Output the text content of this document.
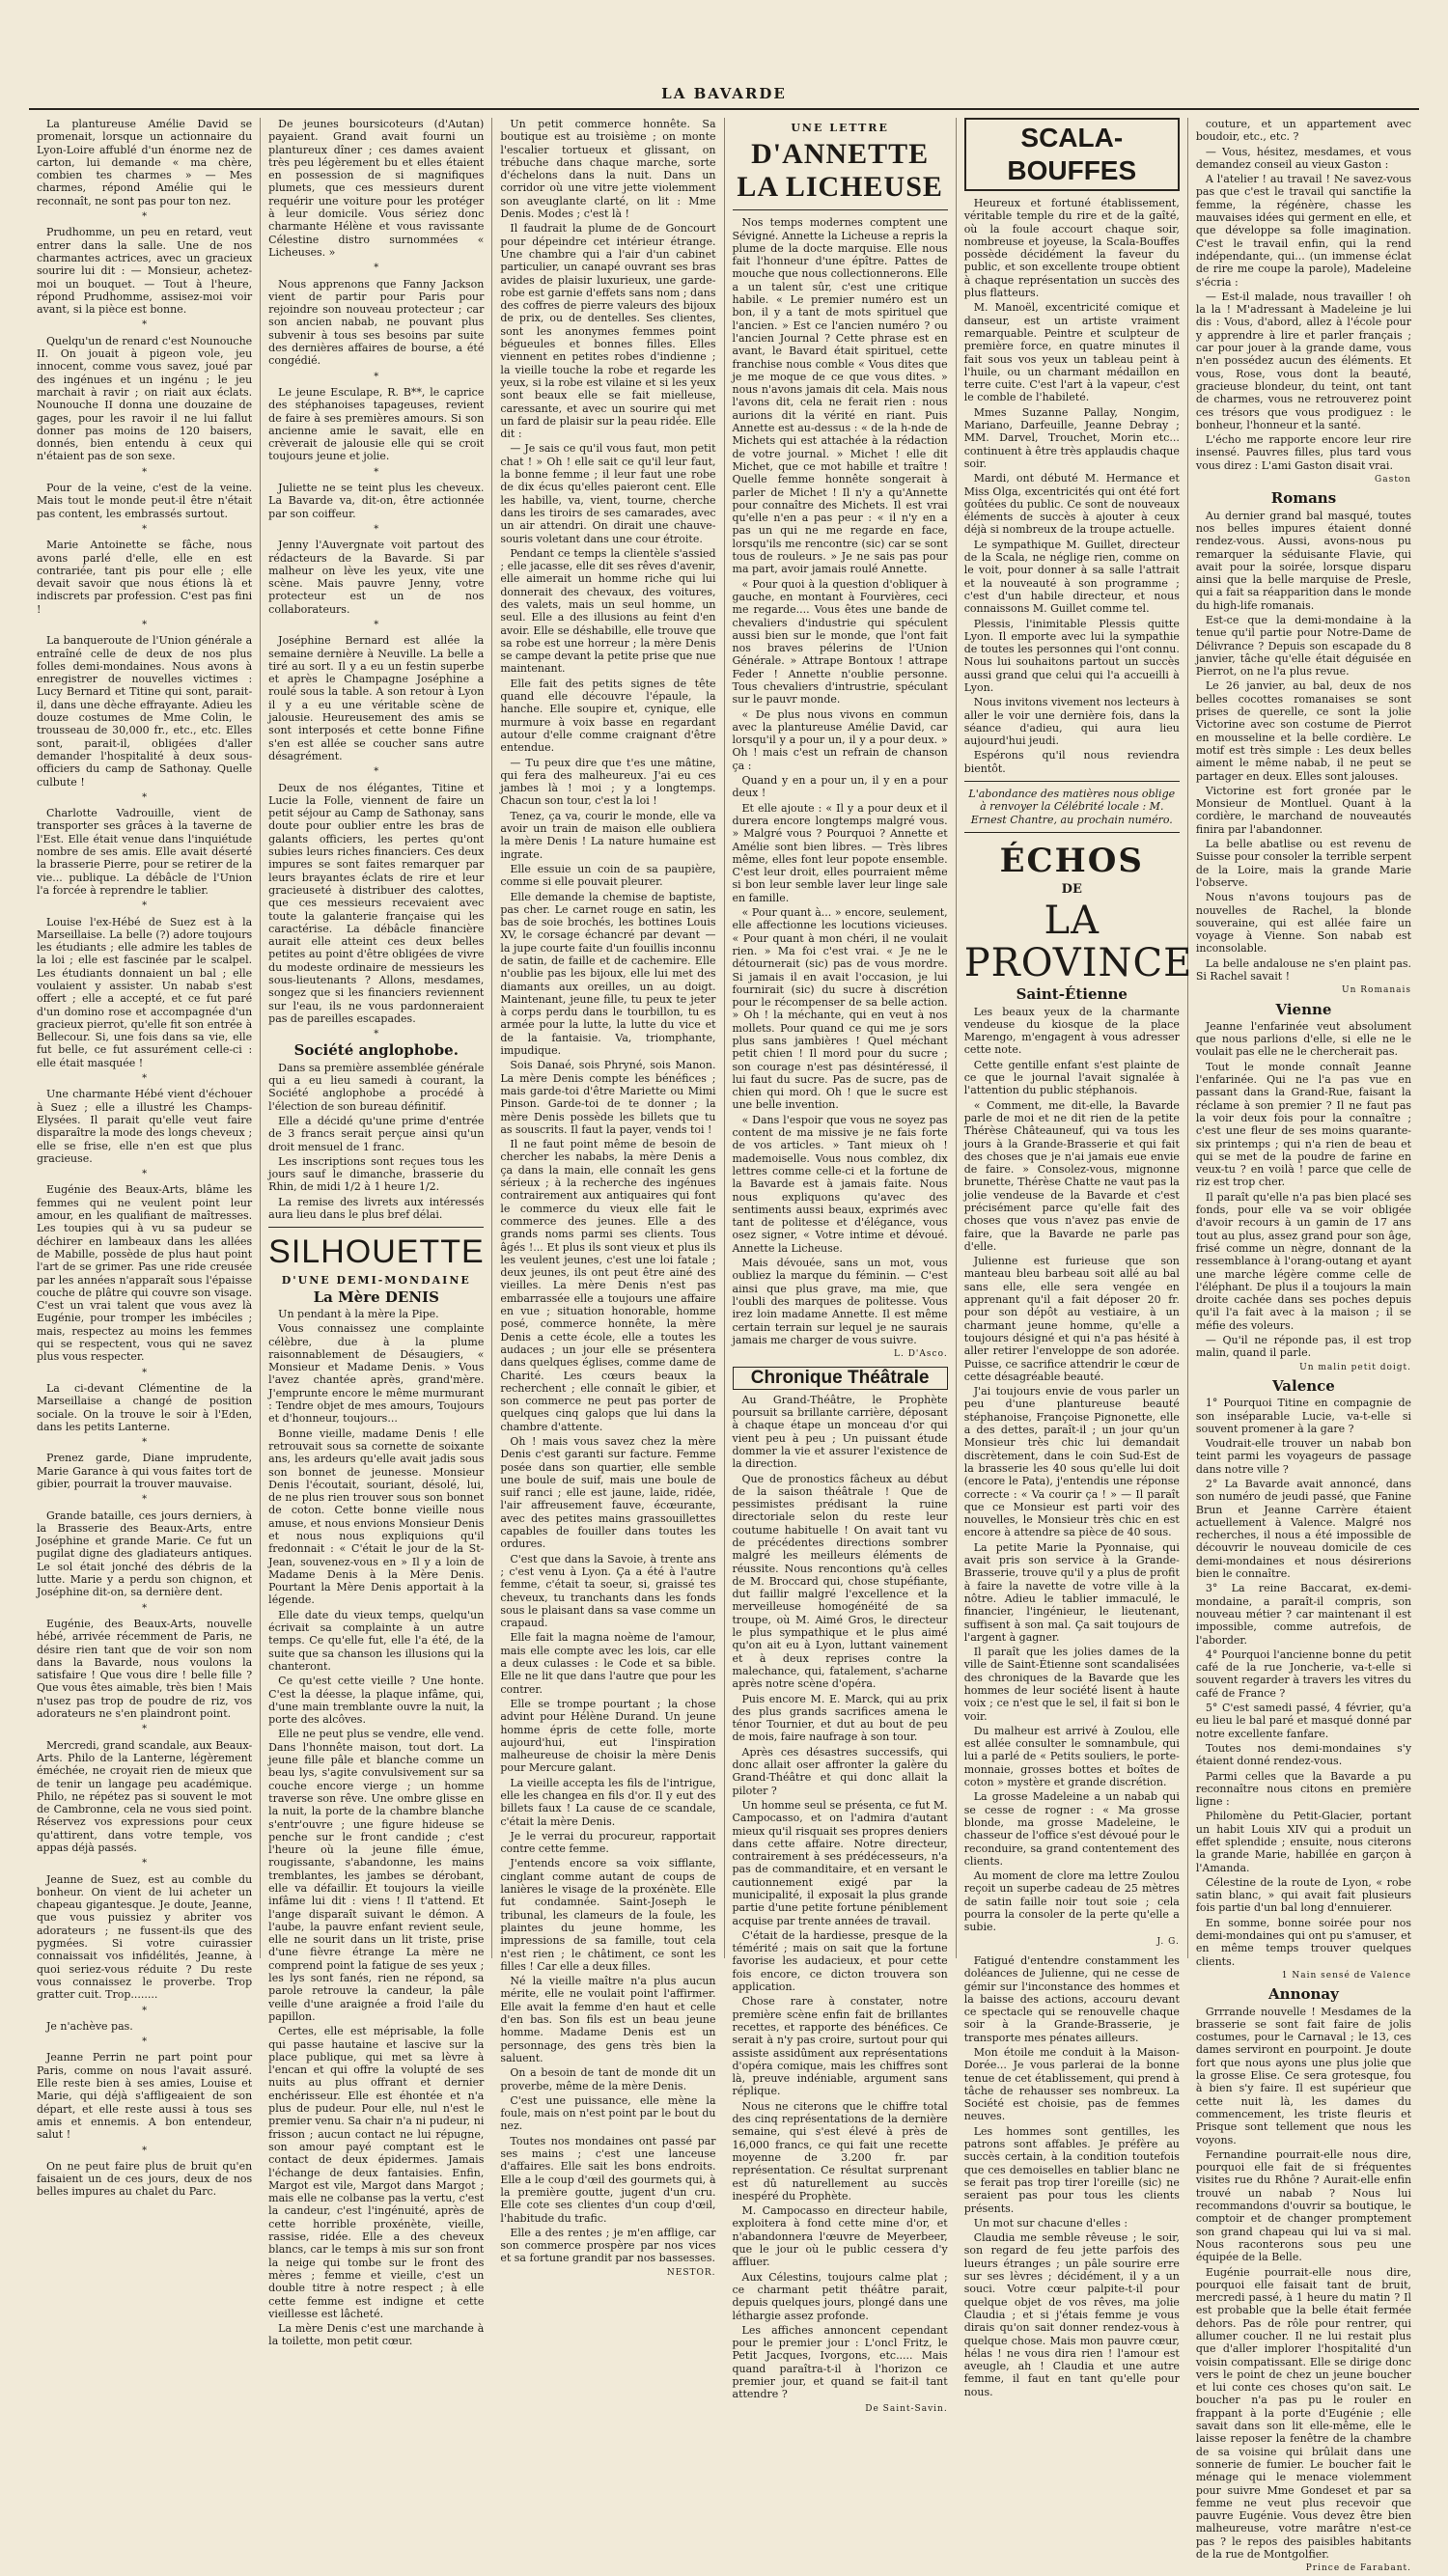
LA BAVARDE

La plantureuse Amélie David se promenait, lorsque un actionnaire du Lyon-Loire affublé d'un énorme nez de carton, lui demande « ma chère, combien tes charmes » — Mes charmes, répond Amélie qui le reconnaît, ne sont pas pour ton nez.

*

Prudhomme, un peu en retard, veut entrer dans la salle. Une de nos charmantes actrices, avec un gracieux sourire lui dit : — Monsieur, achetez-moi un bouquet. — Tout à l'heure, répond Prudhomme, assisez-moi voir avant, si la pièce est bonne.

*

Quelqu'un de renard c'est Nounouche II. On jouait à pigeon vole, jeu innocent, comme vous savez, joué par des ingénues et un ingénu ; le jeu marchait à ravir ; on riait aux éclats. Nounouche II donna une douzaine de gages, pour les ravoir il ne lui fallut donner pas moins de 120 baisers, donnés, bien entendu à ceux qui n'étaient pas de son sexe.

*

Pour de la veine, c'est de la veine. Mais tout le monde peut-il être n'était pas content, les embrassés surtout.

*

Marie Antoinette se fâche, nous avons parlé d'elle, elle en est contrariée, tant pis pour elle ; elle devait savoir que nous étions là et indiscrets par profession. C'est pas fini !

*

La banqueroute de l'Union générale a entraîné celle de deux de nos plus folles demi-mondaines. Nous avons à enregistrer de nouvelles victimes : Lucy Bernard et Titine qui sont, parait-il, dans une dèche effrayante. Adieu les douze costumes de Mme Colin, le trousseau de 30,000 fr., etc., etc. Elles sont, parait-il, obligées d'aller demander l'hospitalité à deux sous-officiers du camp de Sathonay. Quelle culbute !

*

Charlotte Vadrouille, vient de transporter ses grâces à la taverne de l'Est. Elle était venue dans l'inquiétude nombre de ses amis. Elle avait déserté la brasserie Pierre, pour se retirer de la vie... publique. La débâcle de l'Union l'a forcée à reprendre le tablier.

*

Louise l'ex-Hébé de Suez est à la Marseillaise. La belle (?) adore toujours les étudiants ; elle admire les tables de la loi ; elle est fascinée par le scalpel. Les étudiants donnaient un bal ; elle voulaient y assister. Un nabab s'est offert ; elle a accepté, et ce fut paré d'un domino rose et accompagnée d'un gracieux pierrot, qu'elle fit son entrée à Bellecour. Si, une fois dans sa vie, elle fut belle, ce fut assurément celle-ci : elle était masquée !

*

Une charmante Hébé vient d'échouer à Suez ; elle a illustré les Champs-Elysées. Il parait qu'elle veut faire disparaître la mode des longs cheveux ; elle se frise, elle n'en est que plus gracieuse.

*

Eugénie des Beaux-Arts, blâme les femmes qui ne veulent point leur amour, en les qualifiant de maîtresses. Les toupies qui à vu sa pudeur se déchirer en lambeaux dans les allées de Mabille, possède de plus haut point l'art de se grimer. Pas une ride creusée par les années n'apparaît sous l'épaisse couche de plâtre qui couvre son visage. C'est un vrai talent que vous avez là Eugénie, pour tromper les imbéciles ; mais, respectez au moins les femmes qui se respectent, vous qui ne savez plus vous respecter.

*

La ci-devant Clémentine de la Marseillaise a changé de position sociale. On la trouve le soir à l'Eden, dans les petits Lanterne.

*

Prenez garde, Diane imprudente, Marie Garance à qui vous faites tort de gibier, pourrait la trouver mauvaise.

*

Grande bataille, ces jours derniers, à la Brasserie des Beaux-Arts, entre Joséphine et grande Marie. Ce fut un pugilat digne des gladiateurs antiques. Le sol était jonché des débris de la lutte. Marie y a perdu son chignon, et Joséphine dit-on, sa dernière dent.

*

Eugénie, des Beaux-Arts, nouvelle hébé, arrivée récemment de Paris, ne désire rien tant que de voir son nom dans la Bavarde, nous voulons la satisfaire ! Que vous dire ! belle fille ? Que vous êtes aimable, très bien ! Mais n'usez pas trop de poudre de riz, vos adorateurs ne s'en plaindront point.

*

Mercredi, grand scandale, aux Beaux-Arts. Philo de la Lanterne, légèrement éméchée, ne croyait rien de mieux que de tenir un langage peu académique. Philo, ne répétez pas si souvent le mot de Cambronne, cela ne vous sied point. Réservez vos expressions pour ceux qu'attirent, dans votre temple, vos appas déjà passés.

*

Jeanne de Suez, est au comble du bonheur. On vient de lui acheter un chapeau gigantesque. Je doute, Jeanne, que vous puissiez y abriter vos adorateurs ; ne fussent-ils que des pygmées. Si votre cuirassier connaissait vos infidélités, Jeanne, à quoi seriez-vous réduite ? Du reste vous connaissez le proverbe. Trop gratter cuit. Trop........

*

Je n'achève pas.

*

Jeanne Perrin ne part point pour Paris, comme on nous l'avait assuré. Elle reste bien à ses amies, Louise et Marie, qui déjà s'affligeaient de son départ, et elle reste aussi à tous ses amis et ennemis. A bon entendeur, salut !

*

On ne peut faire plus de bruit qu'en faisaient un de ces jours, deux de nos belles impures au chalet du Parc.

De jeunes boursicoteurs (d'Autan) payaient. Grand avait fourni un plantureux dîner ; ces dames avaient très peu légèrement bu et elles étaient en possession de si magnifiques plumets, que ces messieurs durent requérir une voiture pour les protéger à leur domicile. Vous sériez donc charmante Hélène et vous ravissante Célestine distro surnommées « Licheuses. »

*

Nous apprenons que Fanny Jackson vient de partir pour Paris pour rejoindre son nouveau protecteur ; car son ancien nabab, ne pouvant plus subvenir à tous ses besoins par suite des dernières affaires de bourse, a été congédié.

*

Le jeune Esculape, R. B**, le caprice des stéphanoises tapageuses, revient de faire à ses premières amours. Si son ancienne amie le savait, elle en crèverait de jalousie elle qui se croit toujours jeune et jolie.

*

Juliette ne se teint plus les cheveux. La Bavarde va, dit-on, être actionnée par son coiffeur.

*

Jenny l'Auvergnate voit partout des rédacteurs de la Bavarde. Si par malheur on lève les yeux, vite une scène. Mais pauvre Jenny, votre protecteur est un de nos collaborateurs.

*

Joséphine Bernard est allée la semaine dernière à Neuville. La belle a tiré au sort. Il y a eu un festin superbe et après le Champagne Joséphine a roulé sous la table. A son retour à Lyon il y a eu une véritable scène de jalousie. Heureusement des amis se sont interposés et cette bonne Fifine s'en est allée se coucher sans autre désagrément.

*

Deux de nos élégantes, Titine et Lucie la Folle, viennent de faire un petit séjour au Camp de Sathonay, sans doute pour oublier entre les bras de galants officiers, les pertes qu'ont subies leurs riches financiers. Ces deux impures se sont faites remarquer par leurs brayantes éclats de rire et leur gracieuseté à distribuer des calottes, que ces messieurs recevaient avec toute la galanterie française qui les caractérise. La débâcle financière aurait elle atteint ces deux belles petites au point d'être obligées de vivre du modeste ordinaire de messieurs les sous-lieutenants ? Allons, mesdames, songez que si les financiers reviennent sur l'eau, ils ne vous pardonneraient pas de pareilles escapades.

*
Société anglophobe.

Dans sa première assemblée générale qui a eu lieu samedi à courant, la Société anglophobe a procédé à l'élection de son bureau définitif.

Elle a décidé qu'une prime d'entrée de 3 francs serait perçue ainsi qu'un droit mensuel de 1 franc.

Les inscriptions sont reçues tous les jours sauf le dimanche, brasserie du Rhin, de midi 1/2 à 1 heure 1/2.

La remise des livrets aux intéressés aura lieu dans le plus bref délai.

SILHOUETTE
D'UNE DEMI-MONDAINE
La Mère DENIS

Un pendant à la mère la Pipe.

Vous connaissez une complainte célèbre, due à la plume raisonnablement de Désaugiers, « Monsieur et Madame Denis. » Vous l'avez chantée après, grand'mère. J'emprunte encore le même murmurant : Tendre objet de mes amours, Toujours et d'honneur, toujours...

Bonne vieille, madame Denis ! elle retrouvait sous sa cornette de soixante ans, les ardeurs qu'elle avait jadis sous son bonnet de jeunesse. Monsieur Denis l'écoutait, souriant, désolé, lui, de ne plus rien trouver sous son bonnet de coton. Cette bonne vieille nous amuse, et nous envions Monsieur Denis et nous nous expliquions qu'il fredonnait : « C'était le jour de la St-Jean, souvenez-vous en » Il y a loin de Madame Denis à la Mère Denis. Pourtant la Mère Denis apportait à la légende.

Elle date du vieux temps, quelqu'un écrivait sa complainte à un autre temps. Ce qu'elle fut, elle l'a été, de la suite que sa chanson les illusions qui la chanteront.

Ce qu'est cette vieille ? Une honte. C'est la déesse, la plaque infâme, qui, d'une main tremblante ouvre la nuit, la porte des alcôves.

Elle ne peut plus se vendre, elle vend. Dans l'honnête maison, tout dort. La jeune fille pâle et blanche comme un beau lys, s'agite convulsivement sur sa couche encore vierge ; un homme traverse son rêve. Une ombre glisse en la nuit, la porte de la chambre blanche s'entr'ouvre ; une figure hideuse se penche sur le front candide ; c'est l'heure où la jeune fille émue, rougissante, s'abandonne, les mains tremblantes, les jambes se dérobant, elle va défaillir. Et toujours la vieille infâme lui dit : viens ! Il t'attend. Et l'ange disparaît suivant le démon. A l'aube, la pauvre enfant revient seule, elle ne sourit dans un lit triste, prise d'une fièvre étrange La mère ne comprend point la fatigue de ses yeux ; les lys sont fanés, rien ne répond, sa parole retrouve la candeur, la pâle veille d'une araignée a froid l'aile du papillon.

Certes, elle est méprisable, la folle qui passe hautaine et lascive sur la place publique, qui met sa lèvre à l'encan et qui offre la volupté de ses nuits au plus offrant et dernier enchérisseur. Elle est éhontée et n'a plus de pudeur. Pour elle, nul n'est le premier venu. Sa chair n'a ni pudeur, ni frisson ; aucun contact ne lui répugne, son amour payé comptant est le contact de deux épidermes. Jamais l'échange de deux fantaisies. Enfin, Margot est vile, Margot dans Margot ; mais elle ne colbanse pas la vertu, c'est la candeur, c'est l'ingénuité, après de cette horrible proxénète, vieille, rassise, ridée. Elle a des cheveux blancs, car le temps à mis sur son front la neige qui tombe sur le front des mères ; femme et vieille, c'est un double titre à notre respect ; à elle cette femme est indigne et cette vieillesse est lâcheté.

La mère Denis c'est une marchande à la toilette, mon petit cœur.

Un petit commerce honnête. Sa boutique est au troisième ; on monte l'escalier tortueux et glissant, on trébuche dans chaque marche, sorte d'échelons dans la nuit. Dans un corridor où une vitre jette violemment son aveuglante clarté, on lit : Mme Denis. Modes ; c'est là !

Il faudrait la plume de de Goncourt pour dépeindre cet intérieur étrange. Une chambre qui a l'air d'un cabinet particulier, un canapé ouvrant ses bras avides de plaisir luxurieux, une garde-robe est garnie d'effets sans nom ; dans des coffres de pierre valeurs des bijoux de prix, ou de dentelles. Ses clientes, sont les anonymes femmes point bégueules et bonnes filles. Elles viennent en petites robes d'indienne ; la vieille touche la robe et regarde les yeux, si la robe est vilaine et si les yeux sont beaux elle se fait mielleuse, caressante, et avec un sourire qui met un fard de plaisir sur la peau ridée. Elle dit :

— Je sais ce qu'il vous faut, mon petit chat ! » Oh ! elle sait ce qu'il leur faut, la bonne femme ; il leur faut une robe de dix écus qu'elles paieront cent. Elle les habille, va, vient, tourne, cherche dans les tiroirs de ses camarades, avec un air attendri. On dirait une chauve-souris voletant dans une cour étroite.

Pendant ce temps la clientèle s'assied ; elle jacasse, elle dit ses rêves d'avenir, elle aimerait un homme riche qui lui donnerait des chevaux, des voitures, des valets, mais un seul homme, un seul. Elle a des illusions au feint d'en avoir. Elle se déshabille, elle trouve que sa robe est une horreur ; la mère Denis se campe devant la petite prise que nue maintenant.

Elle fait des petits signes de tête quand elle découvre l'épaule, la hanche. Elle soupire et, cynique, elle murmure à voix basse en regardant autour d'elle comme craignant d'être entendue.

— Tu peux dire que t'es une mâtine, qui fera des malheureux. J'ai eu ces jambes là ! moi ; y a longtemps. Chacun son tour, c'est la loi !

Tenez, ça va, courir le monde, elle va avoir un train de maison elle oubliera la mère Denis ! La nature humaine est ingrate.

Elle essuie un coin de sa paupière, comme si elle pouvait pleurer.

Elle demande la chemise de baptiste, pas cher. Le carnet rouge en satin, les bas de soie brochés, les bottines Louis XV, le corsage échancré par devant — la jupe courte faite d'un fouillis inconnu de satin, de faille et de cachemire. Elle n'oublie pas les bijoux, elle lui met des diamants aux oreilles, un au doigt. Maintenant, jeune fille, tu peux te jeter à corps perdu dans le tourbillon, tu es armée pour la lutte, la lutte du vice et de la fantaisie. Va, triomphante, impudique.

Sois Danaé, sois Phryné, sois Manon. La mère Denis compte les bénéfices ; mais garde-toi d'être Mariette ou Mimi Pinson. Garde-toi de te donner ; la mère Denis possède les billets que tu as souscrits. Il faut la payer, vends toi !

Il ne faut point même de besoin de chercher les nababs, la mère Denis a ça dans la main, elle connaît les gens sérieux ; à la recherche des ingénues contrairement aux antiquaires qui font le commerce du vieux elle fait le commerce des jeunes. Elle a des grands noms parmi ses clients. Tous âgés !... Et plus ils sont vieux et plus ils les veulent jeunes, c'est une loi fatale ; deux jeunes, ils ont peut être ainé des vieilles. La mère Denis n'est pas embarrassée elle a toujours une affaire en vue ; situation honorable, homme posé, commerce honnête, la mère Denis a cette école, elle a toutes les audaces ; un jour elle se présentera dans quelques églises, comme dame de Charité. Les cœurs beaux la recherchent ; elle connaît le gibier, et son commerce ne peut pas porter de quelques cinq galops que lui dans la chambre d'attente.

Oh ! mais vous savez chez la mère Denis c'est garanti sur facture. Femme posée dans son quartier, elle semble une boule de suif, mais une boule de suif ranci ; elle est jaune, laide, ridée, l'air affreusement fauve, écœurante, avec des petites mains grassouillettes capables de fouiller dans toutes les ordures.

C'est que dans la Savoie, à trente ans ; c'est venu à Lyon. Ça a été à l'autre femme, c'était ta soeur, si, graissé tes cheveux, tu tranchants dans les fonds sous le plaisant dans sa vase comme un crapaud.

Elle fait la magna noème de l'amour, mais elle compte avec les lois, car elle a deux culasses : le Code et sa bible. Elle ne lit que dans l'autre que pour les contrer.

Elle se trompe pourtant ; la chose advint pour Hélène Durand. Un jeune homme épris de cette folle, morte aujourd'hui, eut l'inspiration malheureuse de choisir la mère Denis pour Mercure galant.

La vieille accepta les fils de l'intrigue, elle les changea en fils d'or. Il y eut des billets faux ! La cause de ce scandale, c'était la mère Denis.

Je le verrai du procureur, rapportait contre cette femme.

J'entends encore sa voix sifflante, cinglant comme autant de coups de lanières le visage de la proxénète. Elle fut condamnée. Saint-Joseph le tribunal, les clameurs de la foule, les plaintes du jeune homme, les impressions de sa famille, tout cela n'est rien ; le châtiment, ce sont les filles ! Car elle a deux filles.

Né la vieille maître n'a plus aucun mérite, elle ne voulait point l'affirmer. Elle avait la femme d'en haut et celle d'en bas. Son fils est un beau jeune homme. Madame Denis est un personnage, des gens très bien la saluent.

On a besoin de tant de monde dit un proverbe, même de la mère Denis.

C'est une puissance, elle mène la foule, mais on n'est point par le bout du nez.

Toutes nos mondaines ont passé par ses mains ; c'est une lanceuse d'affaires. Elle sait les bons endroits. Elle a le coup d'œil des gourmets qui, à la première goutte, jugent d'un cru. Elle cote ses clientes d'un coup d'œil, l'habitude du trafic.

Elle a des rentes ; je m'en afflige, car son commerce prospère par nos vices et sa fortune grandit par nos bassesses.

NESTOR.
UNE LETTRE
D'ANNETTE LA LICHEUSE

Nos temps modernes comptent une Sévigné. Annette la Licheuse a repris la plume de la docte marquise. Elle nous fait l'honneur d'une épître. Pattes de mouche que nous collectionnerons. Elle a un talent sûr, c'est une critique habile. « Le premier numéro est un bon, il y a tant de mots spirituel que l'ancien. » Est ce l'ancien numéro ? ou l'ancien Journal ? Cette phrase est en avant, le Bavard était spirituel, cette franchise nous comble « Vous dites que je me moque de ce que vous dites. » nous n'avons jamais dit cela. Mais nous l'avons dit, cela ne ferait rien : nous aurions dit la vérité en riant. Puis Annette est au-dessus : « de la h-nde de Michets qui est attachée à la rédaction de votre journal. » Michet ! elle dit Michet, que ce mot habille et traître ! Quelle femme honnête songerait à parler de Michet ! Il n'y a qu'Annette pour connaître des Michets. Il est vrai qu'elle n'en a pas peur : « il n'y en a pas un qui ne me regarde en face, lorsqu'ils me rencontre (sic) car se sont tous de rouleurs. » Je ne sais pas pour ma part, avoir jamais roulé Annette.

« Pour quoi à la question d'obliquer à gauche, en montant à Fourvières, ceci me regarde.... Vous êtes une bande de chevaliers d'industrie qui spéculent aussi bien sur le monde, que l'ont fait nos braves pélerins de l'Union Générale. » Attrape Bontoux ! attrape Feder ! Annette n'oublie personne. Tous chevaliers d'intrustrie, spéculant sur le pauvr monde.

« De plus nous vivons en commun avec la plantureuse Amélie David, car lorsqu'il y a pour un, il y a pour deux. » Oh ! mais c'est un refrain de chanson ça :

Quand y en a pour un, il y en a pour deux !

Et elle ajoute : « Il y a pour deux et il durera encore longtemps malgré vous. » Malgré vous ? Pourquoi ? Annette et Amélie sont bien libres. — Très libres même, elles font leur popote ensemble. C'est leur droit, elles pourraient même si bon leur semble laver leur linge sale en famille.

« Pour quant à... » encore, seulement, elle affectionne les locutions vicieuses. « Pour quant à mon chéri, il ne voulait rien. » Ma foi c'est vrai. « Je ne le détournerait (sic) pas de vous mordre. Si jamais il en avait l'occasion, je lui fournirait (sic) du sucre à discrétion pour le récompenser de sa belle action. » Oh ! la méchante, qui en veut à nos mollets. Pour quand ce qui me je sors plus sans jambières ! Quel méchant petit chien ! Il mord pour du sucre ; son courage n'est pas désintéressé, il lui faut du sucre. Pas de sucre, pas de chien qui mord. Oh ! que le sucre est une belle invention.

« Dans l'espoir que vous ne soyez pas content de ma missive je ne fais forte de vos articles. » Tant mieux oh ! mademoiselle. Vous nous comblez, dix lettres comme celle-ci et la fortune de la Bavarde est à jamais faite. Nous nous expliquons qu'avec des sentiments aussi beaux, exprimés avec tant de politesse et d'élégance, vous osez signer, « Votre intime et dévoué. Annette la Licheuse.

Mais dévouée, sans un mot, vous oubliez la marque du féminin. — C'est ainsi que plus grave, ma mie, que l'oubli des marques de politesse. Vous irez loin madame Annette. Il est même certain terrain sur lequel je ne saurais jamais me charger de vous suivre.

L. D'Asco.
Chronique Théâtrale

Au Grand-Théâtre, le Prophète poursuit sa brillante carrière, déposant à chaque étape un monceau d'or qui vient peu à peu ; Un puissant étude dommer la vie et assurer l'existence de la direction.

Que de pronostics fâcheux au début de la saison théâtrale ! Que de pessimistes prédisant la ruine directoriale selon du reste leur coutume habituelle ! On avait tant vu de précédentes directions sombrer malgré les meilleurs éléments de réussite. Nous rencontions qu'à celles de M. Broccard qui, chose stupéfiante, dut faillir malgré l'excellence et la merveilleuse homogénéité de sa troupe, où M. Aimé Gros, le directeur le plus sympathique et le plus aimé qu'on ait eu à Lyon, luttant vainement et à deux reprises contre la malechance, qui, fatalement, s'acharne après notre scène d'opéra.

Puis encore M. E. Marck, qui au prix des plus grands sacrifices amena le ténor Tournier, et dut au bout de peu de mois, faire naufrage à son tour.

Après ces désastres successifs, qui donc allait oser affronter la galère du Grand-Théâtre et qui donc allait la piloter ?

Un homme seul se présenta, ce fut M. Campocasso, et on l'admira d'autant mieux qu'il risquait ses propres deniers dans cette affaire. Notre directeur, contrairement à ses prédécesseurs, n'a pas de commanditaire, et en versant le cautionnement exigé par la municipalité, il exposait la plus grande partie d'une petite fortune péniblement acquise par trente années de travail.

C'était de la hardiesse, presque de la témérité ; mais on sait que la fortune favorise les audacieux, et pour cette fois encore, ce dicton trouvera son application.

Chose rare à constater, notre première scène enfin fait de brillantes recettes, et rapporte des bénéfices. Ce serait à n'y pas croire, surtout pour qui assiste assidûment aux représentations d'opéra comique, mais les chiffres sont là, preuve indéniable, argument sans réplique.

Nous ne citerons que le chiffre total des cinq représentations de la dernière semaine, qui s'est élevé à près de 16,000 francs, ce qui fait une recette moyenne de 3.200 fr. par représentation. Ce résultat surprenant est dû naturellement au succès inespéré du Prophète.

M. Campocasso en directeur habile, exploitera à fond cette mine d'or, et n'abandonnera l'œuvre de Meyerbeer, que le jour où le public cessera d'y affluer.

Aux Célestins, toujours calme plat ; ce charmant petit théâtre parait, depuis quelques jours, plongé dans une léthargie assez profonde.

Les affiches annoncent cependant pour le premier jour : L'oncl Fritz, le Petit Jacques, Ivorgons, etc..... Mais quand paraîtra-t-il à l'horizon ce premier jour, et quand se fait-il tant attendre ?

De Saint-Savin.
SCALA-BOUFFES

Heureux et fortuné établissement, véritable temple du rire et de la gaîté, où la foule accourt chaque soir, nombreuse et joyeuse, la Scala-Bouffes possède décidément la faveur du public, et son excellente troupe obtient à chaque représentation un succès des plus flatteurs.

M. Manoël, excentricité comique et danseur, est un artiste vraiment remarquable. Peintre et sculpteur de première force, en quatre minutes il fait sous vos yeux un tableau peint à l'huile, ou un charmant médaillon en terre cuite. C'est l'art à la vapeur, c'est le comble de l'habileté.

Mmes Suzanne Pallay, Nongim, Mariano, Darfeuille, Jeanne Debray ; MM. Darvel, Trouchet, Morin etc... continuent à être très applaudis chaque soir.

Mardi, ont débuté M. Hermance et Miss Olga, excentricités qui ont été fort goûtées du public. Ce sont de nouveaux éléments de succès à ajouter à ceux déjà si nombreux de la troupe actuelle.

Le sympathique M. Guillet, directeur de la Scala, ne néglige rien, comme on le voit, pour donner à sa salle l'attrait et la nouveauté à son programme ; c'est d'un habile directeur, et nous connaissons M. Guillet comme tel.

Plessis, l'inimitable Plessis quitte Lyon. Il emporte avec lui la sympathie de toutes les personnes qui l'ont connu. Nous lui souhaitons partout un succès aussi grand que celui qui l'a accueilli à Lyon.

Nous invitons vivement nos lecteurs à aller le voir une dernière fois, dans la séance d'adieu, qui aura lieu aujourd'hui jeudi.

Espérons qu'il nous reviendra bientôt.

L'abondance des matières nous oblige à renvoyer la Célébrité locale : M. Ernest Chantre, au prochain numéro.
ÉCHOS
DE
LA PROVINCE
Saint-Étienne

Les beaux yeux de la charmante vendeuse du kiosque de la place Marengo, m'engagent à vous adresser cette note.

Cette gentille enfant s'est plainte de ce que le journal l'avait signalée à l'attention du public stéphanois.

« Comment, me dit-elle, la Bavarde parle de moi et ne dit rien de la petite Thérèse Châteauneuf, qui va tous les jours à la Grande-Brasserie et qui fait des choses que je n'ai jamais eue envie de faire. » Consolez-vous, mignonne brunette, Thérèse Chatte ne vaut pas la jolie vendeuse de la Bavarde et c'est précisément parce qu'elle fait des choses que vous n'avez pas envie de faire, que la Bavarde ne parle pas d'elle.

Julienne est furieuse que son manteau bleu barbeau soit allé au bal sans elle, elle sera vengée en apprenant qu'il a fait déposer 20 fr. pour son dépôt au vestiaire, à un charmant jeune homme, qu'elle a toujours désigné et qui n'a pas hésité à aller retirer l'enveloppe de son adorée. Puisse, ce sacrifice attendrir le cœur de cette désagréable beauté.

J'ai toujours envie de vous parler un peu d'une plantureuse beauté stéphanoise, Françoise Pignonette, elle a des dettes, paraît-il ; un jour qu'un Monsieur très chic lui demandait discrètement, dans le coin Sud-Est de la brasserie les 40 sous qu'elle lui doit (encore le Pata), j'entendis une réponse correcte : « Va courir ça ! » — Il paraît que ce Monsieur est parti voir des nouvelles, le Monsieur très chic en est encore à attendre sa pièce de 40 sous.

La petite Marie la Pyonnaise, qui avait pris son service à la Grande-Brasserie, trouve qu'il y a plus de profit à faire la navette de votre ville à la nôtre. Adieu le tablier immaculé, le financier, l'ingénieur, le lieutenant, suffisent à son mal. Ça sait toujours de l'argent à gagner.

Il paraît que les jolies dames de la ville de Saint-Étienne sont scandalisées des chroniques de la Bavarde que les hommes de leur société lisent à haute voix ; ce n'est que le sel, il fait si bon le voir.

Du malheur est arrivé à Zoulou, elle est allée consulter le somnambule, qui lui a parlé de « Petits souliers, le porte-monnaie, grosses bottes et boîtes de coton » mystère et grande discrétion.

La grosse Madeleine a un nabab qui se cesse de rogner : « Ma grosse blonde, ma grosse Madeleine, le chasseur de l'office s'est dévoué pour le reconduire, sa grand contentement des clients.

Au moment de clore ma lettre Zoulou reçoit un superbe cadeau de 25 mètres de satin faille noir tout soie ; cela pourra la consoler de la perte qu'elle a subie.

J. G.

Fatigué d'entendre constamment les doléances de Julienne, qui ne cesse de gémir sur l'inconstance des hommes et la baisse des actions, accouru devant ce spectacle qui se renouvelle chaque soir à la Grande-Brasserie, je transporte mes pénates ailleurs.

Mon étoile me conduit à la Maison-Dorée... Je vous parlerai de la bonne tenue de cet établissement, qui prend à tâche de rehausser ses nombreux. La Société est choisie, pas de femmes neuves.

Les hommes sont gentilles, les patrons sont affables. Je préfère au succès certain, à la condition toutefois que ces demoiselles en tablier blanc ne se ferait pas trop tirer l'oreille (sic) ne seraient pas pour tous les clients présents.

Un mot sur chacune d'elles :

Claudia me semble rêveuse ; le soir, son regard de feu jette parfois des lueurs étranges ; un pâle sourire erre sur ses lèvres ; décidément, il y a un souci. Votre cœur palpite-t-il pour quelque objet de vos rêves, ma jolie Claudia ; et si j'étais femme je vous dirais qu'on sait donner rendez-vous à quelque chose. Mais mon pauvre cœur, hélas ! ne vous dira rien ! l'amour est aveugle, ah ! Claudia et une autre femme, il faut en tant qu'elle pour nous.

couture, et un appartement avec boudoir, etc., etc. ?

— Vous, hésitez, mesdames, et vous demandez conseil au vieux Gaston :

A l'atelier ! au travail ! Ne savez-vous pas que c'est le travail qui sanctifie la femme, la régénère, chasse les mauvaises idées qui germent en elle, et que développe sa folle imagination. C'est le travail enfin, qui la rend indépendante, qui... (un immense éclat de rire me coupe la parole), Madeleine s'écria :

— Est-il malade, nous travailler ! oh la la ! M'adressant à Madeleine je lui dis : Vous, d'abord, allez à l'école pour y apprendre à lire et parler français ; car pour jouer à la grande dame, vous n'en possédez aucun des éléments. Et vous, Rose, vous dont la beauté, gracieuse blondeur, du teint, ont tant de charmes, vous ne retrouverez point ces trésors que vous prodiguez : le bonheur, l'honneur et la santé.

L'écho me rapporte encore leur rire insensé. Pauvres filles, plus tard vous vous direz : L'ami Gaston disait vrai.

Gaston
Romans

Au dernier grand bal masqué, toutes nos belles impures étaient donné rendez-vous. Aussi, avons-nous pu remarquer la séduisante Flavie, qui avait pour la soirée, lorsque disparu ainsi que la belle marquise de Presle, qui a fait sa réapparition dans le monde du high-life romanais.

Est-ce que la demi-mondaine à la tenue qu'il partie pour Notre-Dame de Délivrance ? Depuis son escapade du 8 janvier, tâche qu'elle était déguisée en Pierrot, on ne l'a plus revue.

Le 26 janvier, au bal, deux de nos belles cocottes romanaises se sont prises de querelle, ce sont la jolie Victorine avec son costume de Pierrot en mousseline et la belle cordière. Le motif est très simple : Les deux belles aiment le même nabab, il ne peut se partager en deux. Elles sont jalouses.

Victorine est fort gronée par le Monsieur de Montluel. Quant à la cordière, le marchand de nouveautés finira par l'abandonner.

La belle abatlise ou est revenu de Suisse pour consoler la terrible serpent de la Loire, mais la grande Marie l'observe.

Nous n'avons toujours pas de nouvelles de Rachel, la blonde souveraine, qui est allée faire un voyage à Vienne. Son nabab est inconsolable.

La belle andalouse ne s'en plaint pas. Si Rachel savait !

Un Romanais
Vienne

Jeanne l'enfarinée veut absolument que nous parlions d'elle, si elle ne le voulait pas elle ne le chercherait pas.

Tout le monde connaît Jeanne l'enfarinée. Qui ne l'a pas vue en passant dans la Grand-Rue, faisant la réclame à son premier ? Il ne faut pas la voir deux fois pour la connaître ; c'est une fleur de ses moins quarante-six printemps ; qui n'a rien de beau et qui se met de la poudre de farine en veux-tu ? en voilà ! parce que celle de riz est trop cher.

Il paraît qu'elle n'a pas bien placé ses fonds, pour elle va se voir obligée d'avoir recours à un gamin de 17 ans tout au plus, assez grand pour son âge, frisé comme un nègre, donnant de la ressemblance à l'orang-outang et ayant une marche légère comme celle de l'éléphant. De plus il a toujours la main droite cachée dans ses poches depuis qu'il l'a fait avec à la maison ; il se méfie des voleurs.

— Qu'il ne réponde pas, il est trop malin, quand il parle.

Un malin petit doigt.
Valence

1° Pourquoi Titine en compagnie de son inséparable Lucie, va-t-elle si souvent promener à la gare ?

Voudrait-elle trouver un nabab bon teint parmi les voyageurs de passage dans notre ville ?

2° La Bavarde avait annoncé, dans son numéro de jeudi passé, que Fanine Brun et Jeanne Carrère étaient actuellement à Valence. Malgré nos recherches, il nous a été impossible de découvrir le nouveau domicile de ces demi-mondaines et nous désirerions bien le connaître.

3° La reine Baccarat, ex-demi-mondaine, a paraît-il compris, son nouveau métier ? car maintenant il est impossible, comme autrefois, de l'aborder.

4° Pourquoi l'ancienne bonne du petit café de la rue Joncherie, va-t-elle si souvent regarder à travers les vitres du café de France ?

5° C'est samedi passé, 4 février, qu'a eu lieu le bal paré et masqué donné par notre excellente fanfare.

Toutes nos demi-mondaines s'y étaient donné rendez-vous.

Parmi celles que la Bavarde a pu reconnaître nous citons en première ligne :

Philomène du Petit-Glacier, portant un habit Louis XIV qui a produit un effet splendide ; ensuite, nous citerons la grande Marie, habillée en garçon à l'Amanda.

Célestine de la route de Lyon, « robe satin blanc, » qui avait fait plusieurs fois partie d'un bal long d'ennuierer.

En somme, bonne soirée pour nos demi-mondaines qui ont pu s'amuser, et en même temps trouver quelques clients.

1 Nain sensé de Valence
Annonay

Grrrande nouvelle ! Mesdames de la brasserie se sont fait faire de jolis costumes, pour le Carnaval ; le 13, ces dames serviront en pourpoint. Je doute fort que nous ayons une plus jolie que la grosse Elise. Ce sera grotesque, fou à bien s'y faire. Il est supérieur que cette nuit là, les dames du commencement, les triste fleuris et Prisque sont tellement que nous les voyons.

Fernandine pourrait-elle nous dire, pourquoi elle fait de si fréquentes visites rue du Rhône ? Aurait-elle enfin trouvé un nabab ? Nous lui recommandons d'ouvrir sa boutique, le comptoir et de changer promptement son grand chapeau qui lui va si mal. Nous raconterons sous peu une équipée de la Belle.

Eugénie pourrait-elle nous dire, pourquoi elle faisait tant de bruit, mercredi passé, à 1 heure du matin ? Il est probable que la belle était fermée dehors. Pas de rôle pour rentrer, qui allumer coucher. Il ne lui restait plus que d'aller implorer l'hospitalité d'un voisin compatissant. Elle se dirige donc vers le point de chez un jeune boucher et lui conte ces choses qu'on sait. Le boucher n'a pas pu le rouler en frappant à la porte d'Eugénie ; elle savait dans son lit elle-même, elle le laisse reposer la fenêtre de la chambre de sa voisine qui brûlait dans une sonnerie de fumier. Le boucher fait le ménage qui le menace violemment pour suivre Mme Gondeset et par sa femme ne veut plus recevoir que pauvre Eugénie. Vous devez être bien malheureuse, votre marâtre n'est-ce pas ? le repos des paisibles habitants de la rue de Montgolfier.

Prince de Farabant.
